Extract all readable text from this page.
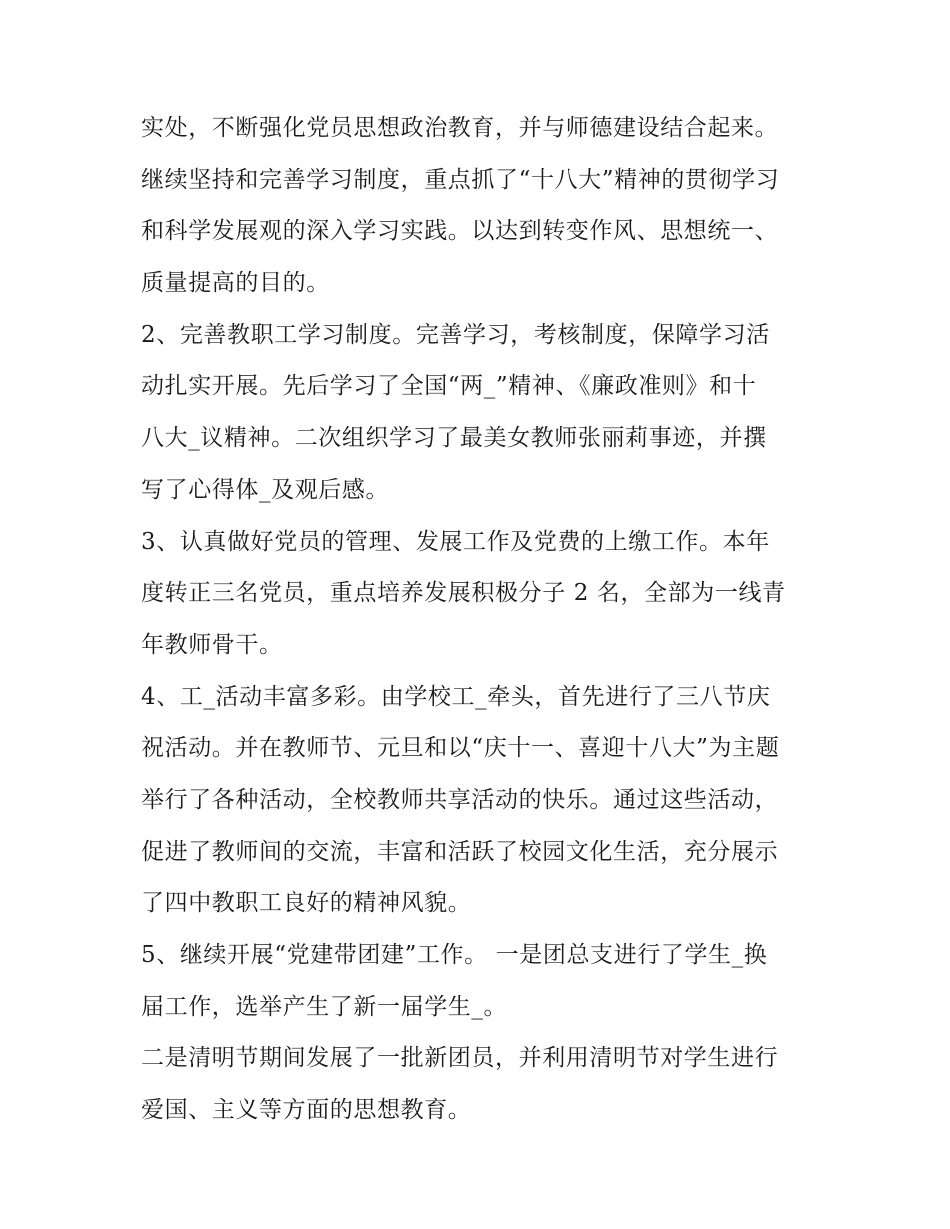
实处，不断强化党员思想政治教育，并与师德建设结合起来。
继续坚持和完善学习制度，重点抓了“十八大”精神的贯彻学习
和科学发展观的深入学习实践。以达到转变作风、思想统一、
质量提高的目的。
2、完善教职工学习制度。完善学习，考核制度，保障学习活
动扎实开展。先后学习了全国“两_”精神、《廉政准则》和十
八大_议精神。二次组织学习了最美女教师张丽莉事迹，并撰
写了心得体_及观后感。
3、认真做好党员的管理、发展工作及党费的上缴工作。本年
度转正三名党员，重点培养发展积极分子 2 名，全部为一线青
年教师骨干。
4、工_活动丰富多彩。由学校工_牵头，首先进行了三八节庆
祝活动。并在教师节、元旦和以“庆十一、喜迎十八大”为主题
举行了各种活动，全校教师共享活动的快乐。通过这些活动，
促进了教师间的交流，丰富和活跃了校园文化生活，充分展示
了四中教职工良好的精神风貌。
5、继续开展“党建带团建”工作。 一是团总支进行了学生_换
届工作，选举产生了新一届学生_。
二是清明节期间发展了一批新团员，并利用清明节对学生进行
爱国、主义等方面的思想教育。
